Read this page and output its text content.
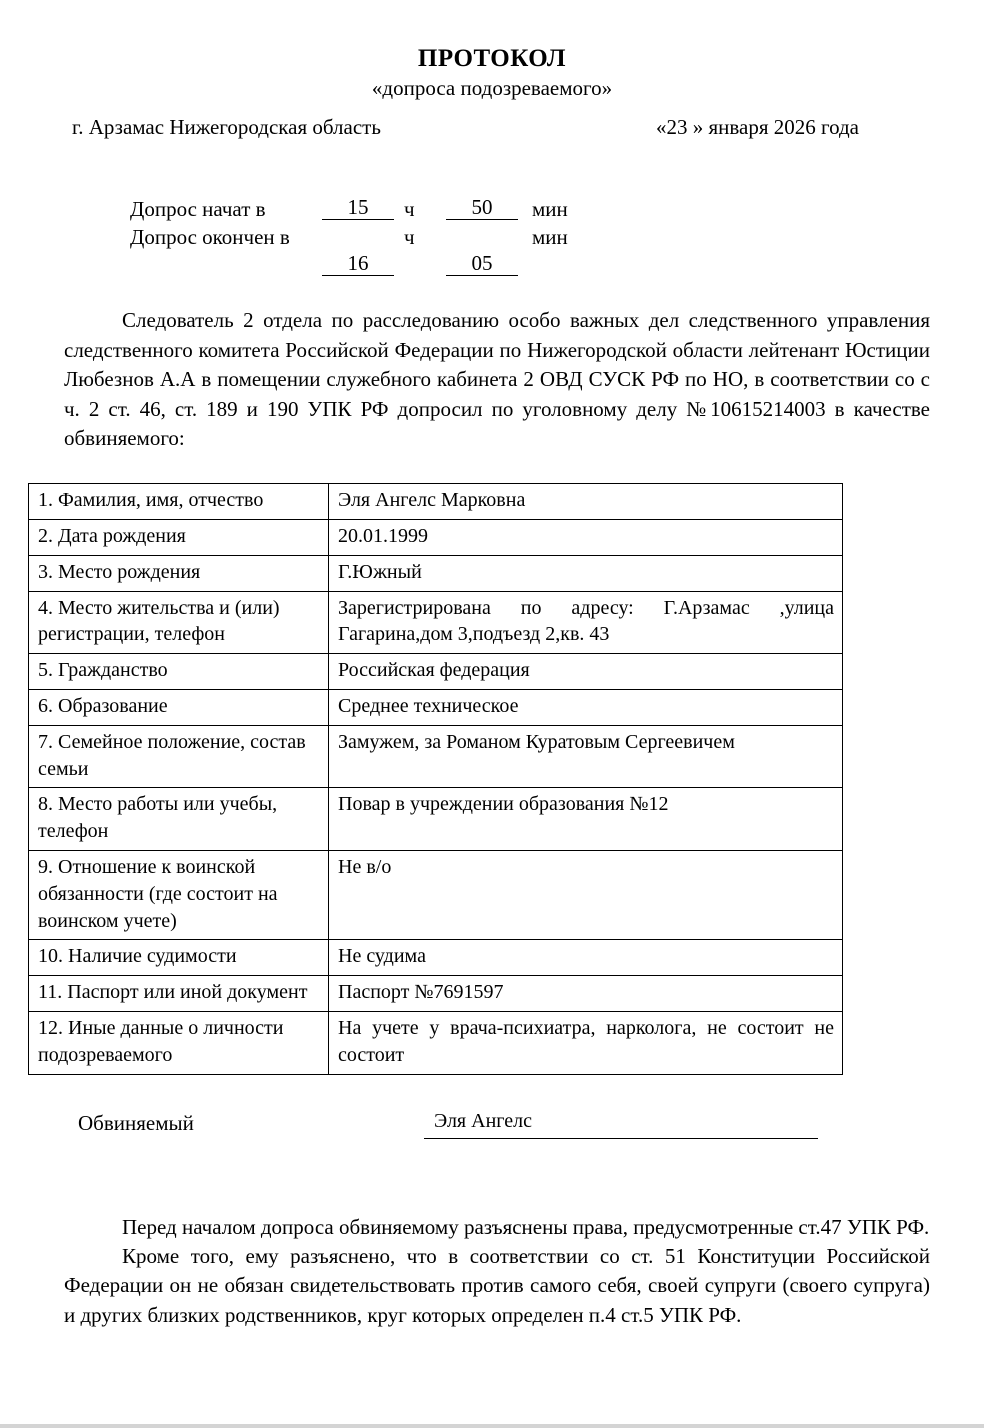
ПРОТОКОЛ
«допроса подозреваемого»
г. Арзамас Нижегородская область	«23 » января 2026 года
Допрос начат в	15	ч	50	мин
Допрос окончен в	ч	мин
16	05

Следователь 2 отдела по расследованию особо важных дел следственного управления следственного комитета Российской Федерации по Нижегородской области лейтенант Юстиции Любезнов А.А в помещении служебного кабинета 2 ОВД СУСК РФ по НО, в соответствии со с ч. 2 ст. 46, ст. 189 и 190 УПК РФ допросил по уголовному делу №10615214003 в качестве обвиняемого:

1. Фамилия, имя, отчество	Эля Ангелс Марковна
2. Дата рождения	20.01.1999
3. Место рождения	Г.Южный
4. Место жительства и (или) регистрации, телефон	Зарегистрирована по адресу: Г.Арзамас ,улица Гагарина,дом 3,подъезд 2,кв. 43
5. Гражданство	Российская федерация
6. Образование	Среднее техническое
7. Семейное положение, состав семьи	Замужем, за Романом Куратовым Сергеевичем
8. Место работы или учебы, телефон	Повар в учреждении образования №12
9. Отношение к воинской обязанности (где состоит на воинском учете)	Не в/о
10. Наличие судимости	Не судима
11. Паспорт или иной документ	Паспорт №7691597
12. Иные данные о личности подозреваемого	На учете у врача-психиатра, нарколога, не состоит не состоит
Обвиняемый	Эля Ангелс

Перед началом допроса обвиняемому разъяснены права, предусмотренные ст.47 УПК РФ.

Кроме того, ему разъяснено, что в соответствии со ст. 51 Конституции Российской Федерации он не обязан свидетельствовать против самого себя, своей супруги (своего супруга) и других близких родственников, круг которых определен п.4 ст.5 УПК РФ.
